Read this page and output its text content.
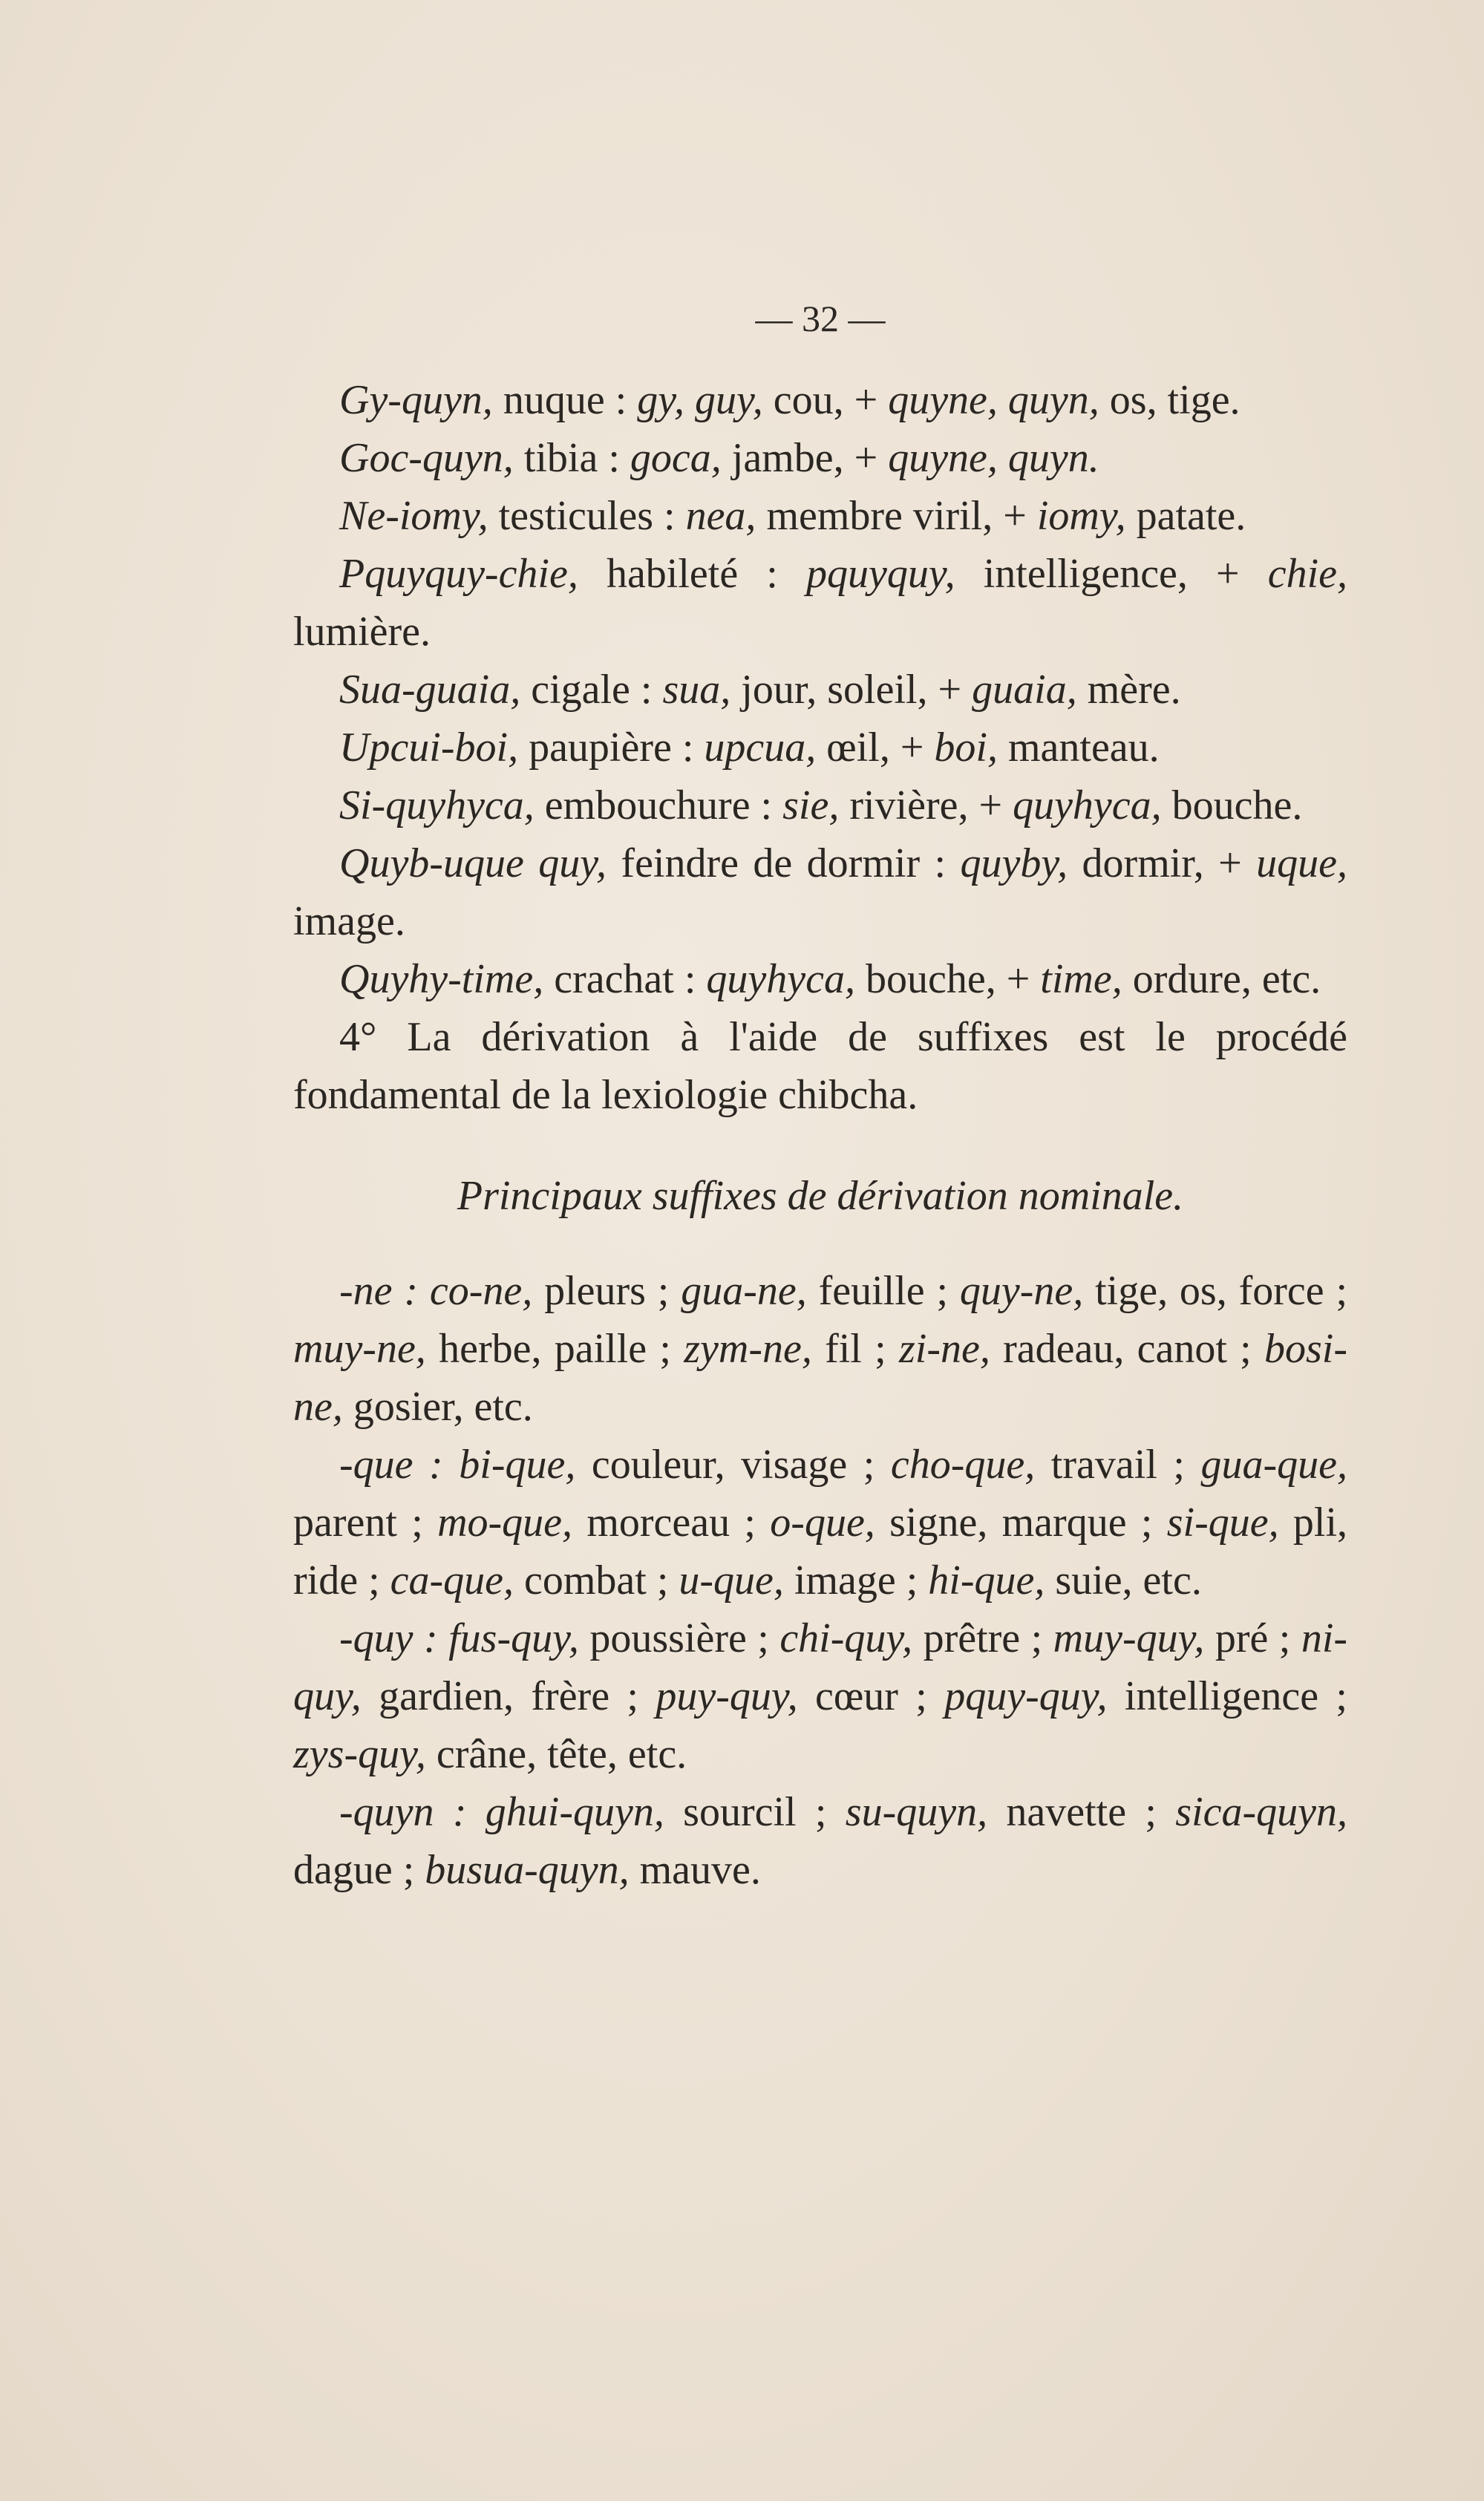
— 32 —

Gy-quyn, nuque : gy, guy, cou, + quyne, quyn, os, tige.

Goc-quyn, tibia : goca, jambe, + quyne, quyn.

Ne-iomy, testicules : nea, membre viril, + iomy, patate.

Pquyquy-chie, habileté : pquyquy, intelligence, + chie, lumière.

Sua-guaia, cigale : sua, jour, soleil, + guaia, mère.

Upcui-boi, paupière : upcua, œil, + boi, manteau.

Si-quyhyca, embouchure : sie, rivière, + quyhyca, bouche.

Quyb-uque quy, feindre de dormir : quyby, dormir, + uque, image.

Quyhy-time, crachat : quyhyca, bouche, + time, ordure, etc.

4° La dérivation à l'aide de suffixes est le procédé fondamental de la lexiologie chibcha.

Principaux suffixes de dérivation nominale.

-ne : co-ne, pleurs ; gua-ne, feuille ; quy-ne, tige, os, force ; muy-ne, herbe, paille ; zym-ne, fil ; zi-ne, radeau, canot ; bosi-ne, gosier, etc.

-que : bi-que, couleur, visage ; cho-que, travail ; gua-que, parent ; mo-que, morceau ; o-que, signe, marque ; si-que, pli, ride ; ca-que, combat ; u-que, image ; hi-que, suie, etc.

-quy : fus-quy, poussière ; chi-quy, prêtre ; muy-quy, pré ; ni-quy, gardien, frère ; puy-quy, cœur ; pquy-quy, intelligence ; zys-quy, crâne, tête, etc.

-quyn : ghui-quyn, sourcil ; su-quyn, navette ; sica-quyn, dague ; busua-quyn, mauve.
